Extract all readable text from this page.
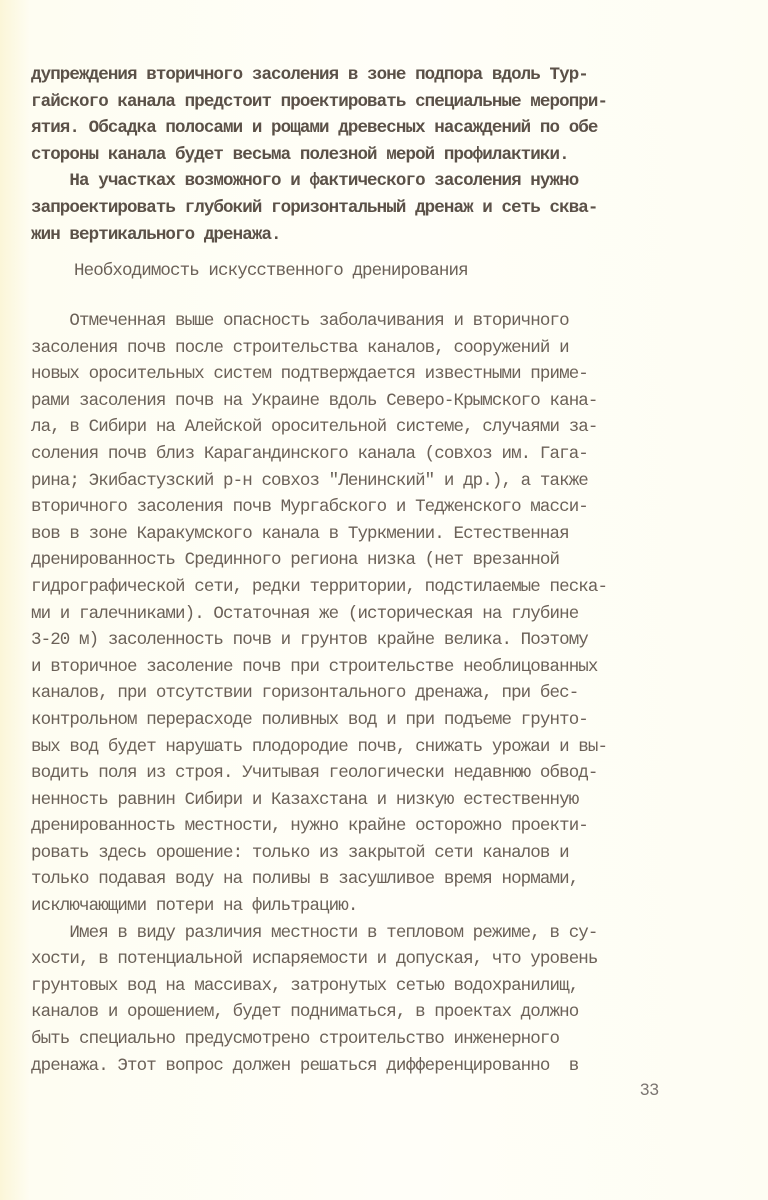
дупреждения вторичного засоления в зоне подпора вдоль Тур-
гайского канала предстоит проектировать специальные меропри-
ятия. Обсадка полосами и рощами древесных насаждений по обе
стороны канала будет весьма полезной мерой профилактики.
На участках возможного и фактического засоления нужно
запроектировать глубокий горизонтальный дренаж и сеть сква-
жин вертикального дренажа.
Необходимость искусственного дренирования
Отмеченная выше опасность заболачивания и вторичного
засоления почв после строительства каналов, сооружений и
новых оросительных систем подтверждается известными приме-
рами засоления почв на Украине вдоль Северо-Крымского кана-
ла, в Сибири на Алейской оросительной системе, случаями за-
соления почв близ Карагандинского канала (совхоз им. Гага-
рина; Экибастузский р-н совхоз "Ленинский" и др.), а также
вторичного засоления почв Мургабского и Тедженского масси-
вов в зоне Каракумского канала в Туркмении. Естественная
дренированность Срединного региона низка (нет врезанной
гидрографической сети, редки территории, подстилаемые песка-
ми и галечниками). Остаточная же (историческая на глубине
3-20 м) засоленность почв и грунтов крайне велика. Поэтому
и вторичное засоление почв при строительстве необлицованных
каналов, при отсутствии горизонтального дренажа, при бес-
контрольном перерасходе поливных вод и при подъеме грунто-
вых вод будет нарушать плодородие почв, снижать урожаи и вы-
водить поля из строя. Учитывая геологически недавнюю обвод-
ненность равнин Сибири и Казахстана и низкую естественную
дренированность местности, нужно крайне осторожно проекти-
ровать здесь орошение: только из закрытой сети каналов и
только подавая воду на поливы в засушливое время нормами,
исключающими потери на фильтрацию.
Имея в виду различия местности в тепловом режиме, в су-
хости, в потенциальной испаряемости и допуская, что уровень
грунтовых вод на массивах, затронутых сетью водохранилищ,
каналов и орошением, будет подниматься, в проектах должно
быть специально предусмотрено строительство инженерного
дренажа. Этот вопрос должен решаться дифференцированно  в
33
